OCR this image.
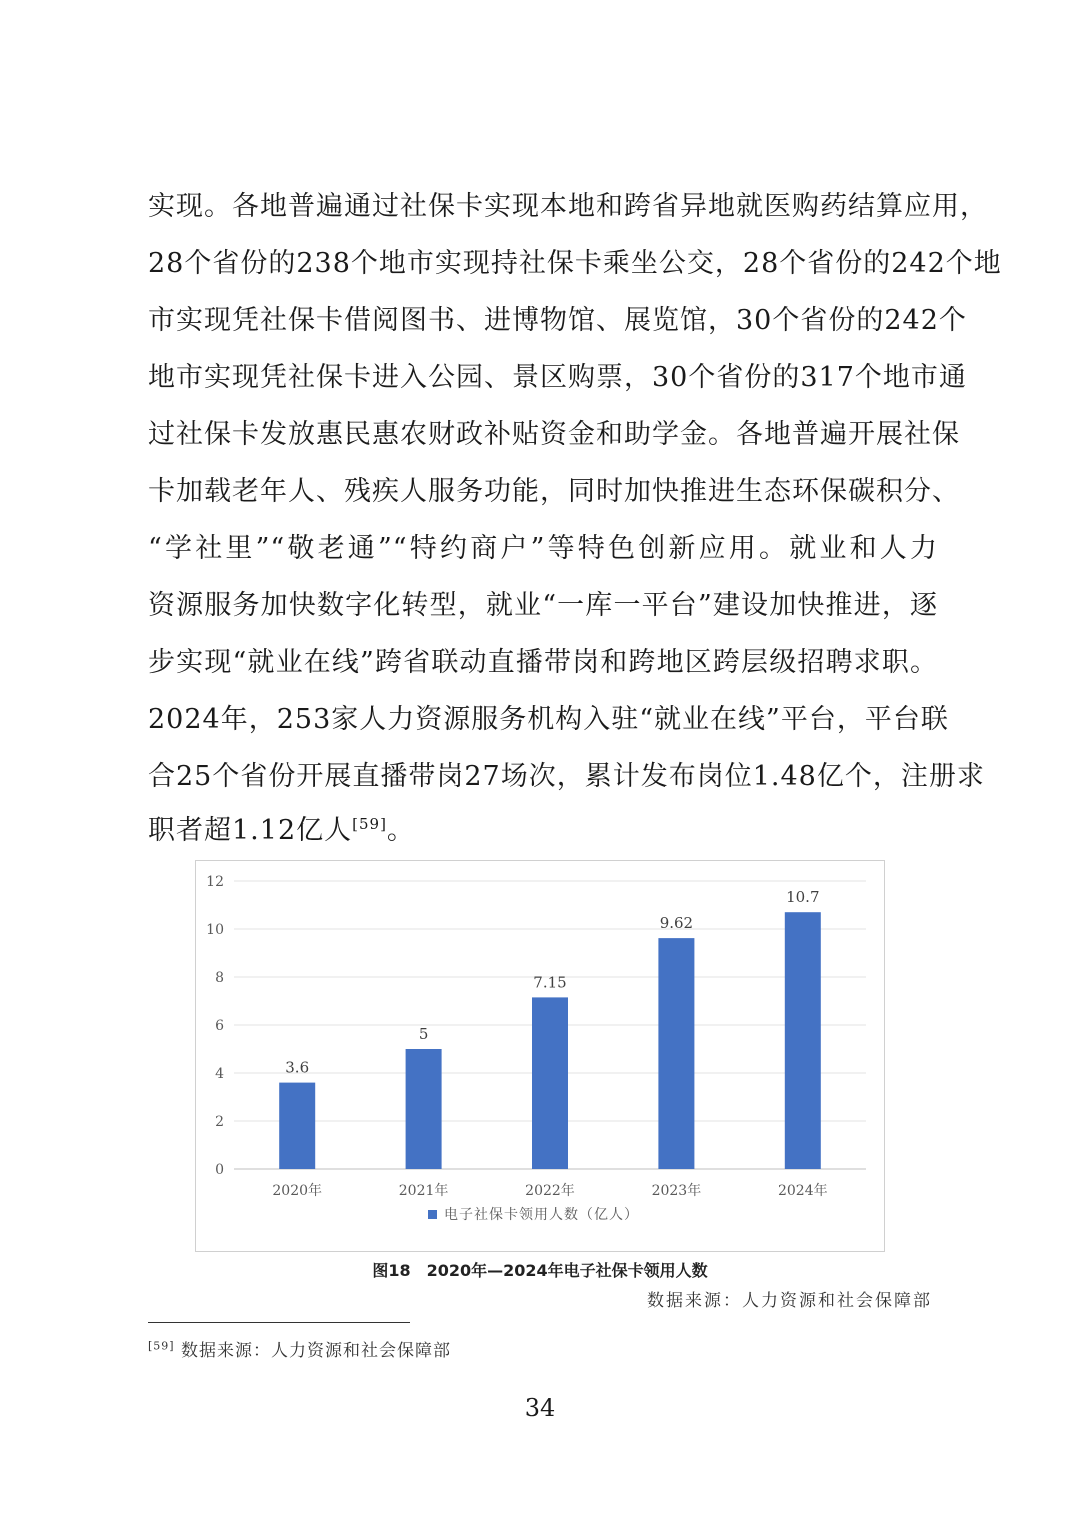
实现。各地普遍通过社保卡实现本地和跨省异地就医购药结算应用，
28个省份的238个地市实现持社保卡乘坐公交，28个省份的242个地
市实现凭社保卡借阅图书、进博物馆、展览馆，30个省份的242个
地市实现凭社保卡进入公园、景区购票，30个省份的317个地市通
过社保卡发放惠民惠农财政补贴资金和助学金。各地普遍开展社保
卡加载老年人、残疾人服务功能，同时加快推进生态环保碳积分、
“学社里”“敬老通”“特约商户”等特色创新应用。就业和人力
资源服务加快数字化转型，就业“一库一平台”建设加快推进，逐
步实现“就业在线”跨省联动直播带岗和跨地区跨层级招聘求职。
2024年，253家人力资源服务机构入驻“就业在线”平台，平台联
合25个省份开展直播带岗27场次，累计发布岗位1.48亿个，注册求
职者超1.12亿人[59]。
0
2
4
6
8
10
12
3.6
2020年
5
2021年
7.15
2022年
9.62
2023年
10.7
2024年
电子社保卡领用人数（亿人）
图18　2020年—2024年电子社保卡领用人数
数据来源：人力资源和社会保障部
[59] 数据来源：人力资源和社会保障部
34
